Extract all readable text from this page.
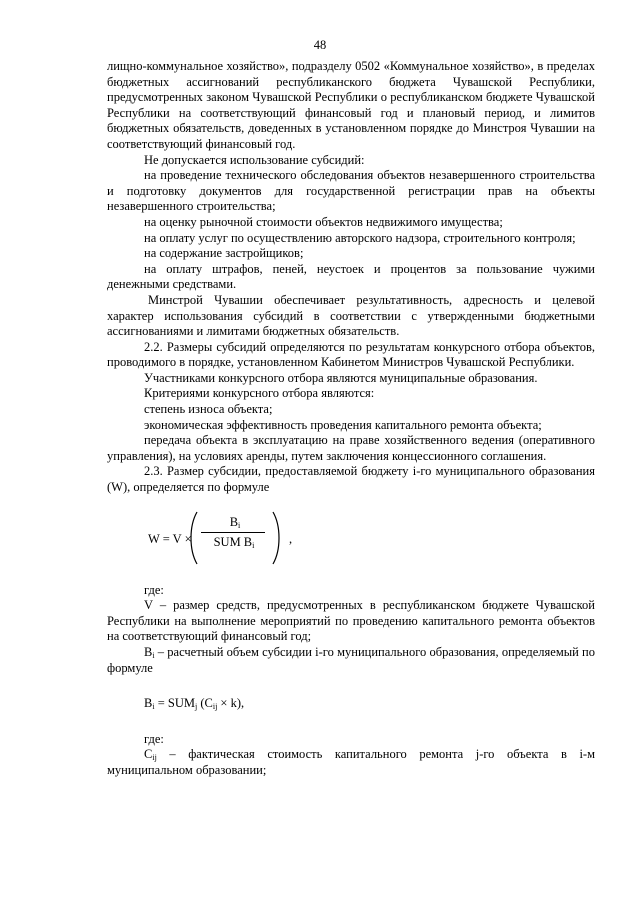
48

лищно-коммунальное хозяйство», подразделу 0502 «Коммунальное хозяйство», в пределах бюджетных ассигнований республиканского бюджета Чувашской Республики, предусмотренных законом Чувашской Республики о республиканском бюджете Чувашской Республики на соответствующий финансовый год и плановый период, и лимитов бюджетных обязательств, доведенных в установленном порядке до Минстроя Чувашии на соответствующий финансовый год.

Не допускается использование субсидий:

на проведение технического обследования объектов незавершенного строительства и подготовку документов для государственной регистрации прав на объекты незавершенного строительства;

на оценку рыночной стоимости объектов недвижимого имущества;

на оплату услуг по осуществлению авторского надзора, строительного контроля;

на содержание застройщиков;

на оплату штрафов, пеней, неустоек и процентов за пользование чужими денежными средствами.

Минстрой Чувашии обеспечивает результативность, адресность и целевой характер использования субсидий в соответствии с утвержденными бюджетными ассигнованиями и лимитами бюджетных обязательств.

2.2. Размеры субсидий определяются по результатам конкурсного отбора объектов, проводимого в порядке, установленном Кабинетом Министров Чувашской Республики.

Участниками конкурсного отбора являются муниципальные образования.

Критериями конкурсного отбора являются:

степень износа объекта;

экономическая эффективность проведения капитального ремонта объекта;

передача объекта в эксплуатацию на праве хозяйственного ведения (оперативного управления), на условиях аренды, путем заключения концессионного соглашения.

2.3. Размер субсидии, предоставляемой бюджету i-го муниципального образования (W), определяется по формуле

W = V ×
$B_i$
SUM $B_i$	,

где:

V – размер средств, предусмотренных в республиканском бюджете Чувашской Республики на выполнение мероприятий по проведению капитального ремонта объектов на соответствующий финансовый год;

$B_i$ – расчетный объем субсидии i-го муниципального образования, определяемый по формуле

$B_i = SUM_j$ $(C_{ij} \times k)$,

где:

$C_{ij}$ – фактическая стоимость капитального ремонта j-го объекта в i-м муниципальном образовании;
